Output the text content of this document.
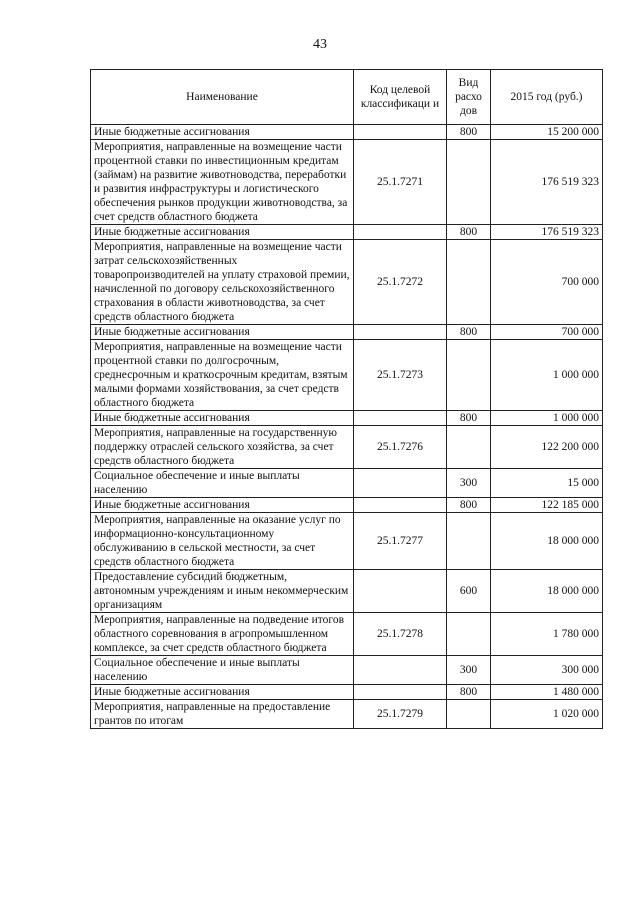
43
Наименование	Код целевой классификаци и	Вид расхо дов	2015 год (руб.)
Иные бюджетные ассигнования		800	15 200 000
Мероприятия, направленные на возмещение части процентной ставки по инвестиционным кредитам (займам) на развитие животноводства, переработки и развития инфраструктуры и логистического обеспечения рынков продукции животноводства, за счет средств областного бюджета	25.1.7271		176 519 323
Иные бюджетные ассигнования		800	176 519 323
Мероприятия, направленные на возмещение части затрат сельскохозяйственных товаропроизводителей на уплату страховой премии, начисленной по договору сельскохозяйственного страхования в области животноводства, за счет средств областного бюджета	25.1.7272		700 000
Иные бюджетные ассигнования		800	700 000
Мероприятия, направленные на возмещение части процентной ставки по долгосрочным, среднесрочным и краткосрочным кредитам, взятым малыми формами хозяйствования, за счет средств областного бюджета	25.1.7273		1 000 000
Иные бюджетные ассигнования		800	1 000 000
Мероприятия, направленные на государственную поддержку отраслей сельского хозяйства, за счет средств областного бюджета	25.1.7276		122 200 000
Социальное обеспечение и иные выплаты населению		300	15 000
Иные бюджетные ассигнования		800	122 185 000
Мероприятия, направленные на оказание услуг по информационно-консультационному обслуживанию в сельской местности, за счет средств областного бюджета	25.1.7277		18 000 000
Предоставление субсидий бюджетным, автономным учреждениям и иным некоммерческим организациям		600	18 000 000
Мероприятия, направленные на подведение итогов областного соревнования в агропромышленном комплексе, за счет средств областного бюджета	25.1.7278		1 780 000
Социальное обеспечение и иные выплаты населению		300	300 000
Иные бюджетные ассигнования		800	1 480 000
Мероприятия, направленные на предоставление грантов по итогам	25.1.7279		1 020 000
